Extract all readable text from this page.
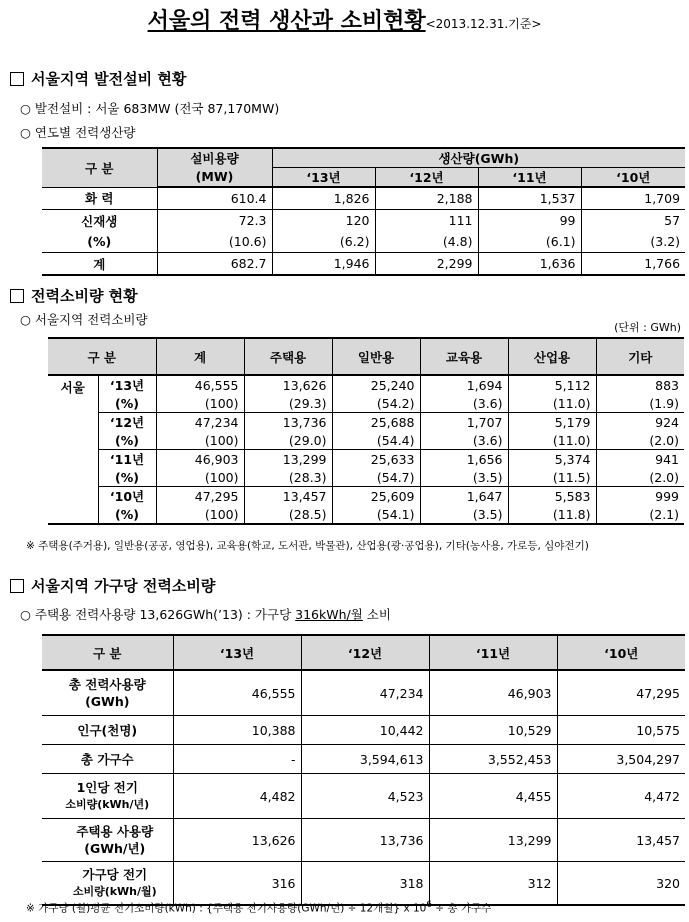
서울의 전력 생산과 소비현황<2013.12.31.기준>
서울지역 발전설비 현황
○ 발전설비 : 서울 683MW (전국 87,170MW)
○ 연도별 전력생산량
구 분	설비용량	생산량(GWh)			
	(MW)	‘13년	‘12년	‘11년	‘10년
화 력	610.4	1,826	2,188	1,537	1,709
신재생	72.3	120	111	99	57
(%)	(10.6)	(6.2)	(4.8)	(6.1)	(3.2)
계	682.7	1,946	2,299	1,636	1,766
전력소비량 현황
○ 서울지역 전력소비량
(단위 : GWh)
구 분		계	주택용	일반용	교육용	산업용	기타
서울	‘13년	46,555	13,626	25,240	1,694	5,112	883
	(%)	(100)	(29.3)	(54.2)	(3.6)	(11.0)	(1.9)
	‘12년	47,234	13,736	25,688	1,707	5,179	924
	(%)	(100)	(29.0)	(54.4)	(3.6)	(11.0)	(2.0)
	‘11년	46,903	13,299	25,633	1,656	5,374	941
	(%)	(100)	(28.3)	(54.7)	(3.5)	(11.5)	(2.0)
	‘10년	47,295	13,457	25,609	1,647	5,583	999
	(%)	(100)	(28.5)	(54.1)	(3.5)	(11.8)	(2.1)
※ 주택용(주거용), 일반용(공공, 영업용), 교육용(학교, 도서관, 박물관), 산업용(광·공업용), 기타(농사용, 가로등, 심야전기)
서울지역 가구당 전력소비량
○ 주택용 전력사용량 13,626GWh(’13) : 가구당 316kWh/월 소비
구 분	‘13년	‘12년	‘11년	‘10년

총 전력사용량
(GWh)	46,555	47,234	46,903	47,295
인구(천명)	10,388	10,442	10,529	10,575
총 가구수	-	3,594,613	3,552,453	3,504,297

1인당 전기
소비량(kWh/년)	4,482	4,523	4,455	4,472

주택용 사용량
(GWh/년)	13,626	13,736	13,299	13,457

가구당 전기
소비량(kWh/월)	316	318	312	320
※ 가구당 (월)평균 전기소비량(kWh) : {주택용 전기사용량(GWh/년) ÷ 12개월} x $10^6$ ÷ 총 가구수
